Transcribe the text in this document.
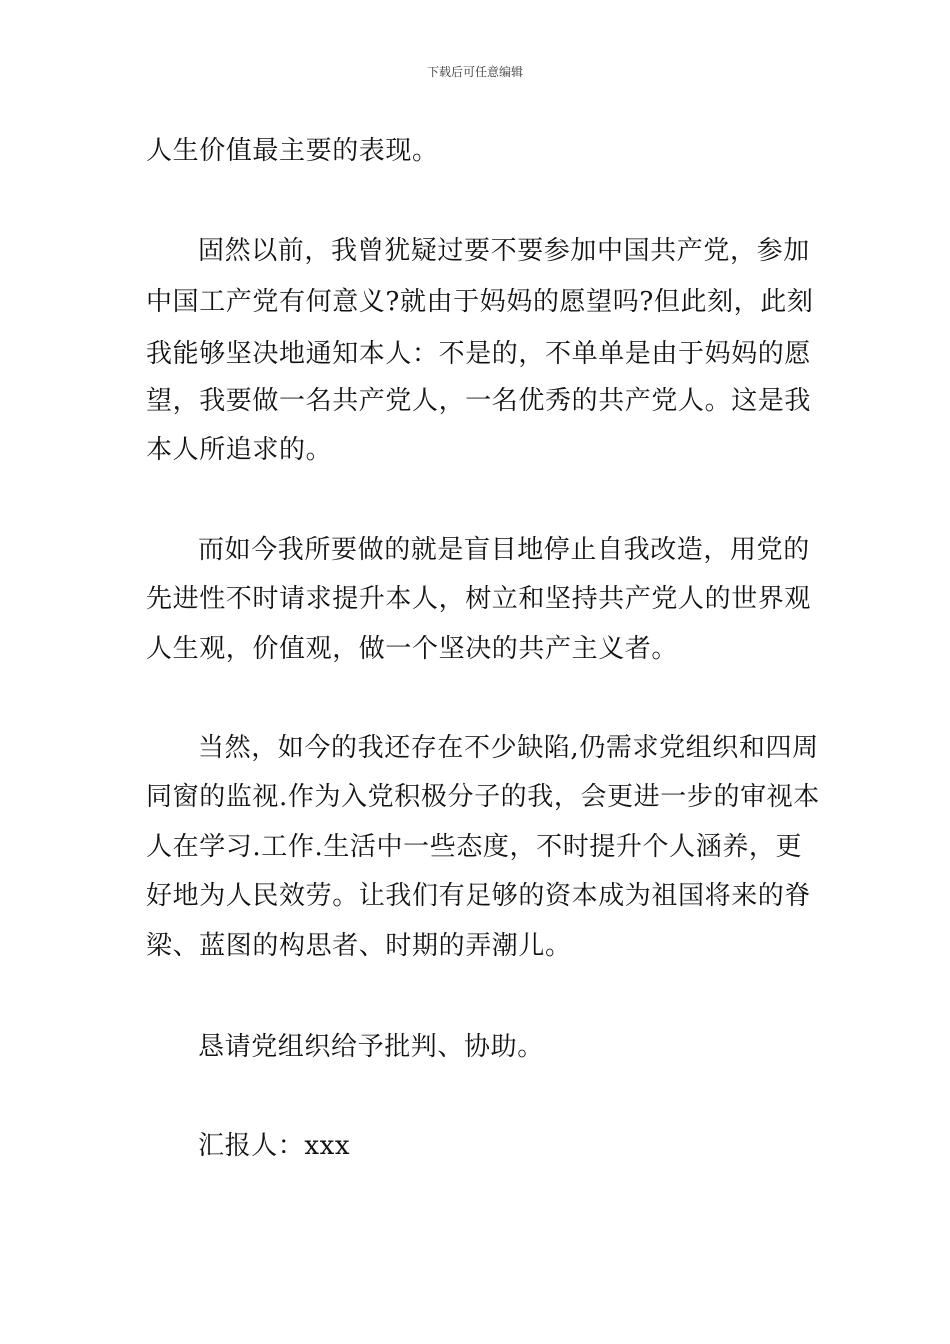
下载后可任意编辑
人生价值最主要的表现。
固然以前，我曾犹疑过要不要参加中国共产党，参加
中国工产党有何意义?就由于妈妈的愿望吗?但此刻，此刻
我能够坚决地通知本人：不是的，不单单是由于妈妈的愿
望，我要做一名共产党人，一名优秀的共产党人。这是我
本人所追求的。
而如今我所要做的就是盲目地停止自我改造，用党的
先进性不时请求提升本人，树立和坚持共产党人的世界观
人生观，价值观，做一个坚决的共产主义者。
当然，如今的我还存在不少缺陷,仍需求党组织和四周
同窗的监视.作为入党积极分子的我，会更进一步的审视本
人在学习.工作.生活中一些态度，不时提升个人涵养，更
好地为人民效劳。让我们有足够的资本成为祖国将来的脊
梁、蓝图的构思者、时期的弄潮儿。
恳请党组织给予批判、协助。
汇报人：xxx
